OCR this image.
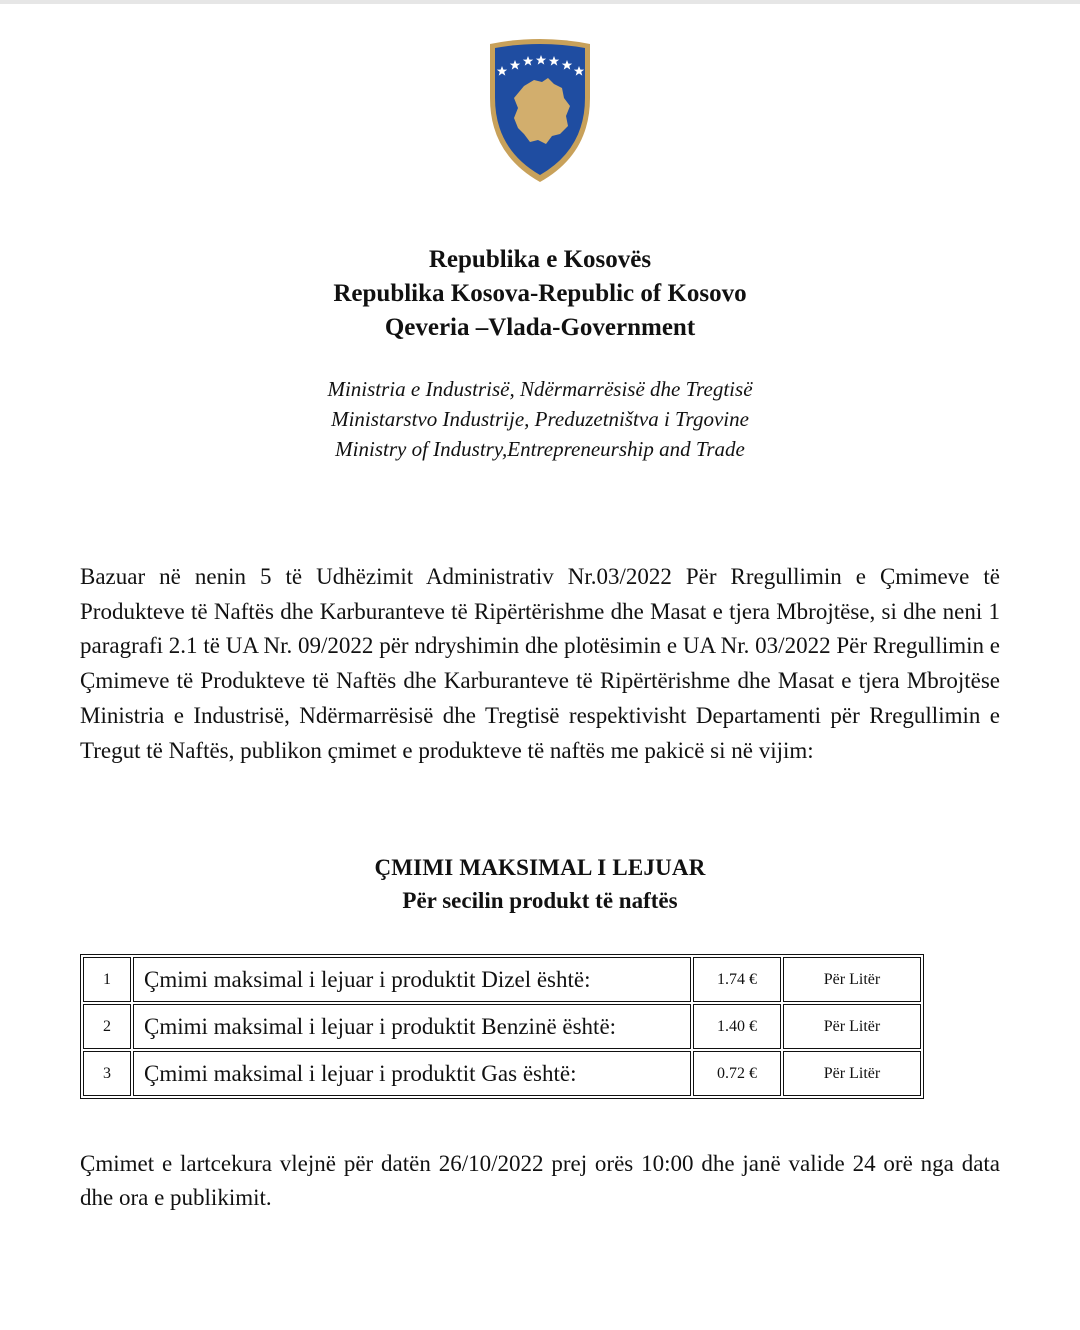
Republika e Kosovës
Republika Kosova-Republic of Kosovo
Qeveria –Vlada-Government
Ministria e Industrisë, Ndërmarrësisë dhe Tregtisë
Ministarstvo Industrije, Preduzetništva i Trgovine
Ministry of Industry,Entrepreneurship and Trade

Bazuar në nenin 5 të Udhëzimit Administrativ Nr.03/2022 Për Rregullimin e Çmimeve të Produkteve të Naftës dhe Karburanteve të Ripërtërishme dhe Masat e tjera Mbrojtëse, si dhe neni 1 paragrafi 2.1 të UA Nr. 09/2022 për ndryshimin dhe plotësimin e UA Nr. 03/2022 Për Rregullimin e Çmimeve të Produkteve të Naftës dhe Karburanteve të Ripërtërishme dhe Masat e tjera Mbrojtëse Ministria e Industrisë, Ndërmarrësisë dhe Tregtisë respektivisht Departamenti për Rregullimin e Tregut të Naftës, publikon çmimet e produkteve të naftës me pakicë si në vijim:

ÇMIMI MAKSIMAL I LEJUAR
Për secilin produkt të naftës
1	Çmimi maksimal i lejuar i produktit Dizel është:	1.74 €	Për Litër
2	Çmimi maksimal i lejuar i produktit Benzinë është:	1.40 €	Për Litër
3	Çmimi maksimal i lejuar i produktit Gas është:	0.72 €	Për Litër

Çmimet e lartcekura vlejnë për datën 26/10/2022 prej orës 10:00 dhe janë valide 24 orë nga data dhe ora e publikimit.
